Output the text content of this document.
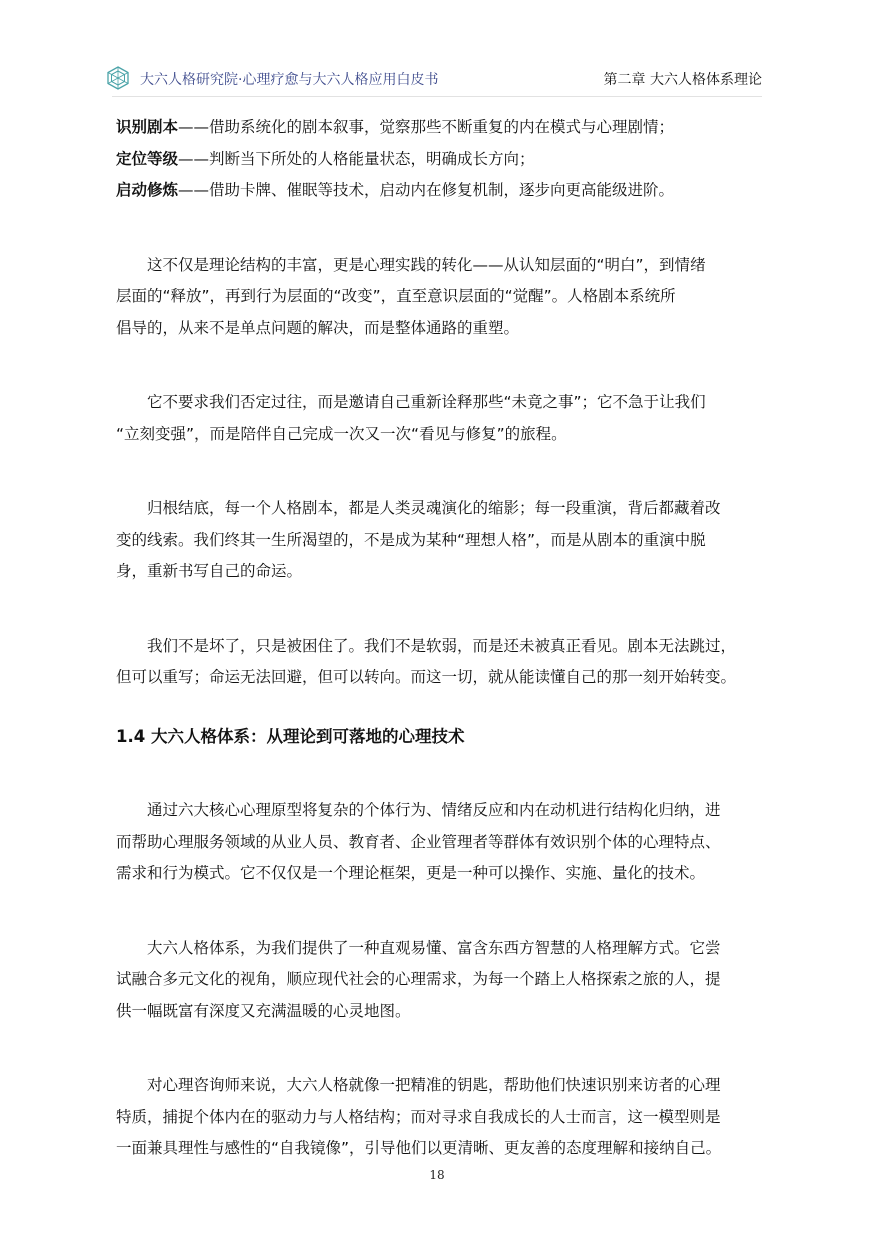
大六人格研究院·心理疗愈与大六人格应用白皮书	第二章 大六人格体系理论
识别剧本——借助系统化的剧本叙事，觉察那些不断重复的内在模式与心理剧情；
定位等级——判断当下所处的人格能量状态，明确成长方向；
启动修炼——借助卡牌、催眠等技术，启动内在修复机制，逐步向更高能级进阶。
这不仅是理论结构的丰富，更是心理实践的转化——从认知层面的“明白”，到情绪
层面的“释放”，再到行为层面的“改变”，直至意识层面的“觉醒”。人格剧本系统所
倡导的，从来不是单点问题的解决，而是整体通路的重塑。
它不要求我们否定过往，而是邀请自己重新诠释那些“未竟之事”；它不急于让我们
“立刻变强”，而是陪伴自己完成一次又一次“看见与修复”的旅程。
归根结底，每一个人格剧本，都是人类灵魂演化的缩影；每一段重演，背后都藏着改
变的线索。我们终其一生所渴望的，不是成为某种“理想人格”，而是从剧本的重演中脱
身，重新书写自己的命运。
我们不是坏了，只是被困住了。我们不是软弱，而是还未被真正看见。剧本无法跳过，
但可以重写；命运无法回避，但可以转向。而这一切，就从能读懂自己的那一刻开始转变。
1.4 大六人格体系：从理论到可落地的心理技术
通过六大核心心理原型将复杂的个体行为、情绪反应和内在动机进行结构化归纳，进
而帮助心理服务领域的从业人员、教育者、企业管理者等群体有效识别个体的心理特点、
需求和行为模式。它不仅仅是一个理论框架，更是一种可以操作、实施、量化的技术。
大六人格体系，为我们提供了一种直观易懂、富含东西方智慧的人格理解方式。它尝
试融合多元文化的视角，顺应现代社会的心理需求，为每一个踏上人格探索之旅的人，提
供一幅既富有深度又充满温暖的心灵地图。
对心理咨询师来说，大六人格就像一把精准的钥匙，帮助他们快速识别来访者的心理
特质，捕捉个体内在的驱动力与人格结构；而对寻求自我成长的人士而言，这一模型则是
一面兼具理性与感性的“自我镜像”，引导他们以更清晰、更友善的态度理解和接纳自己。
18
